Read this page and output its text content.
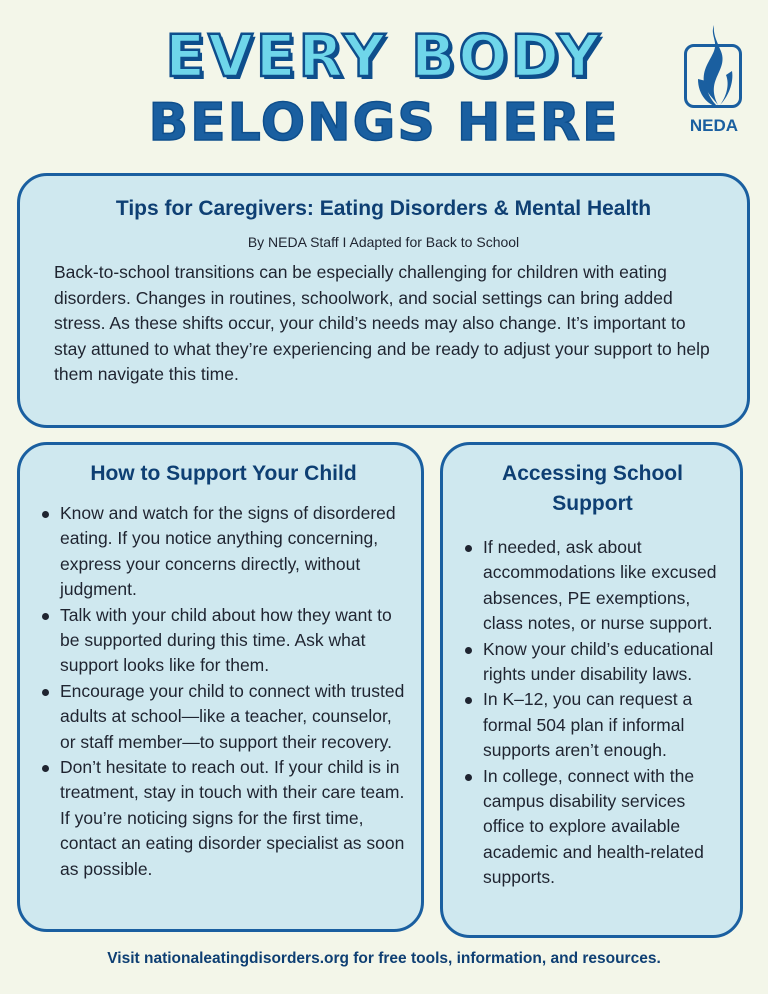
EVERY BODY
BELONGS HERE	NEDA
Tips for Caregivers: Eating Disorders & Mental Health
By NEDA Staff I Adapted for Back to School

Back-to-school transitions can be especially challenging for children with eating disorders. Changes in routines, schoolwork, and social settings can bring added stress. As these shifts occur, your child’s needs may also change. It’s important to stay attuned to what they’re experiencing and be ready to adjust your support to help them navigate this time.

How to Support Your Child
Know and watch for the signs of disordered eating. If you notice anything concerning, express your concerns directly, without judgment.
Talk with your child about how they want to be supported during this time. Ask what support looks like for them.
Encourage your child to connect with trusted adults at school—like a teacher, counselor, or staff member—to support their recovery.
Don’t hesitate to reach out. If your child is in treatment, stay in touch with their care team. If you’re noticing signs for the first time, contact an eating disorder specialist as soon as possible.
Accessing School Support
If needed, ask about accommodations like excused absences, PE exemptions, class notes, or nurse support.
Know your child’s educational rights under disability laws.
In K–12, you can request a formal 504 plan if informal supports aren’t enough.
In college, connect with the campus disability services office to explore available academic and health-related supports.
Visit nationaleatingdisorders.org for free tools, information, and resources.
